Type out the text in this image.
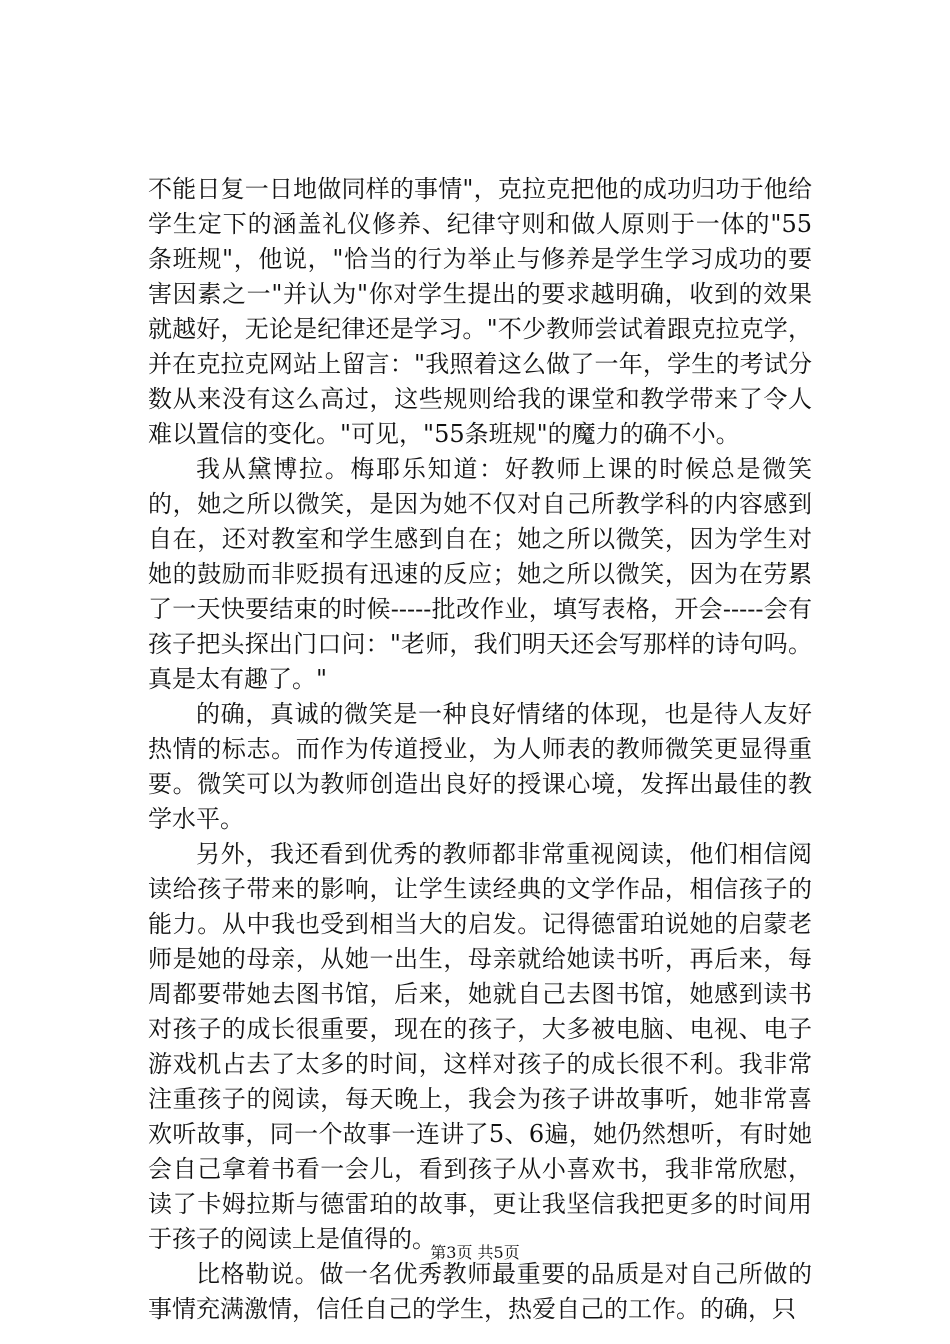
不能日复一日地做同样的事情"，克拉克把他的成功归功于他给学生定下的涵盖礼仪修养、纪律守则和做人原则于一体的"55条班规"，他说，"恰当的行为举止与修养是学生学习成功的要害因素之一"并认为"你对学生提出的要求越明确，收到的效果就越好，无论是纪律还是学习。"不少教师尝试着跟克拉克学，并在克拉克网站上留言："我照着这么做了一年，学生的考试分数从来没有这么高过，这些规则给我的课堂和教学带来了令人难以置信的变化。"可见，"55条班规"的魔力的确不小。

我从黛博拉。梅耶乐知道：好教师上课的时候总是微笑的，她之所以微笑，是因为她不仅对自己所教学科的内容感到自在，还对教室和学生感到自在；她之所以微笑，因为学生对她的鼓励而非贬损有迅速的反应；她之所以微笑，因为在劳累了一天快要结束的时候-----批改作业，填写表格，开会-----会有孩子把头探出门口问："老师，我们明天还会写那样的诗句吗。真是太有趣了。"

的确，真诚的微笑是一种良好情绪的体现，也是待人友好热情的标志。而作为传道授业，为人师表的教师微笑更显得重要。微笑可以为教师创造出良好的授课心境，发挥出最佳的教学水平。

另外，我还看到优秀的教师都非常重视阅读，他们相信阅读给孩子带来的影响，让学生读经典的文学作品，相信孩子的能力。从中我也受到相当大的启发。记得德雷珀说她的启蒙老师是她的母亲，从她一出生，母亲就给她读书听，再后来，每周都要带她去图书馆，后来，她就自己去图书馆，她感到读书对孩子的成长很重要，现在的孩子，大多被电脑、电视、电子游戏机占去了太多的时间，这样对孩子的成长很不利。我非常注重孩子的阅读，每天晚上，我会为孩子讲故事听，她非常喜欢听故事，同一个故事一连讲了5、6遍，她仍然想听，有时她会自己拿着书看一会儿，看到孩子从小喜欢书，我非常欣慰，读了卡姆拉斯与德雷珀的故事，更让我坚信我把更多的时间用于孩子的阅读上是值得的。

比格勒说。做一名优秀教师最重要的品质是对自己所做的事情充满激情，信任自己的学生，热爱自己的工作。的确，只

第3页 共5页
